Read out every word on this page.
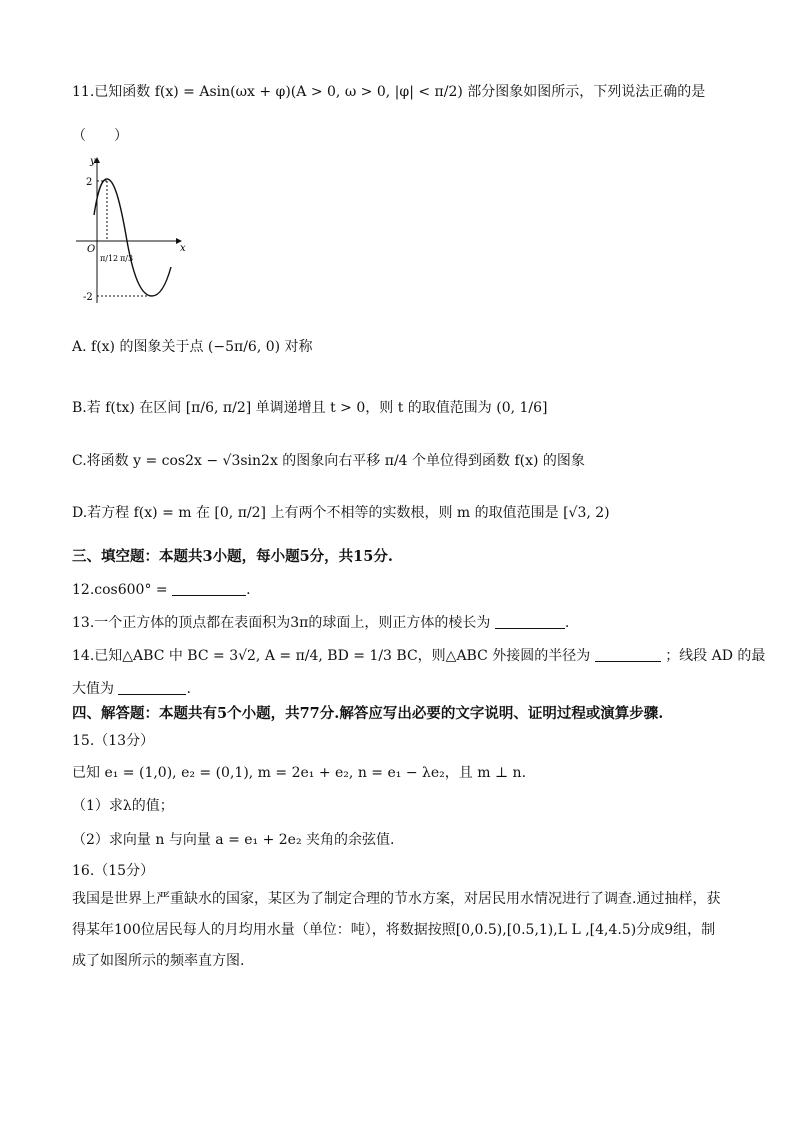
11.已知函数 f(x) = Asin(ωx + φ)(A > 0, ω > 0, |φ| < π/2) 部分图象如图所示，下列说法正确的是
（　　）
y
x
O
2
-2
π/12 π/3
A. f(x) 的图象关于点 (−5π/6, 0) 对称
B.若 f(tx) 在区间 [π/6, π/2] 单调递增且 t > 0，则 t 的取值范围为 (0, 1/6]
C.将函数 y = cos2x − √3sin2x 的图象向右平移 π/4 个单位得到函数 f(x) 的图象
D.若方程 f(x) = m 在 [0, π/2] 上有两个不相等的实数根，则 m 的取值范围是 [√3, 2)
三、填空题：本题共3小题，每小题5分，共15分.
12.cos600° =	.
13.一个正方体的顶点都在表面积为3π的球面上，则正方体的棱长为	.
14.已知△ABC 中 BC = 3√2, A = π/4, BD = 1/3 BC，则△ABC 外接圆的半径为	；线段 AD 的最
大值为	.
四、解答题：本题共有5个小题，共77分.解答应写出必要的文字说明、证明过程或演算步骤.
15.（13分）
已知 e₁ = (1,0), e₂ = (0,1), m = 2e₁ + e₂, n = e₁ − λe₂，且 m ⊥ n.
（1）求λ的值；
（2）求向量 n 与向量 a = e₁ + 2e₂ 夹角的余弦值.
16.（15分）
我国是世界上严重缺水的国家，某区为了制定合理的节水方案，对居民用水情况进行了调查.通过抽样，获得某年100位居民每人的月均用水量（单位：吨），将数据按照[0,0.5),[0.5,1),L L ,[4,4.5)分成9组，制成了如图所示的频率直方图.
